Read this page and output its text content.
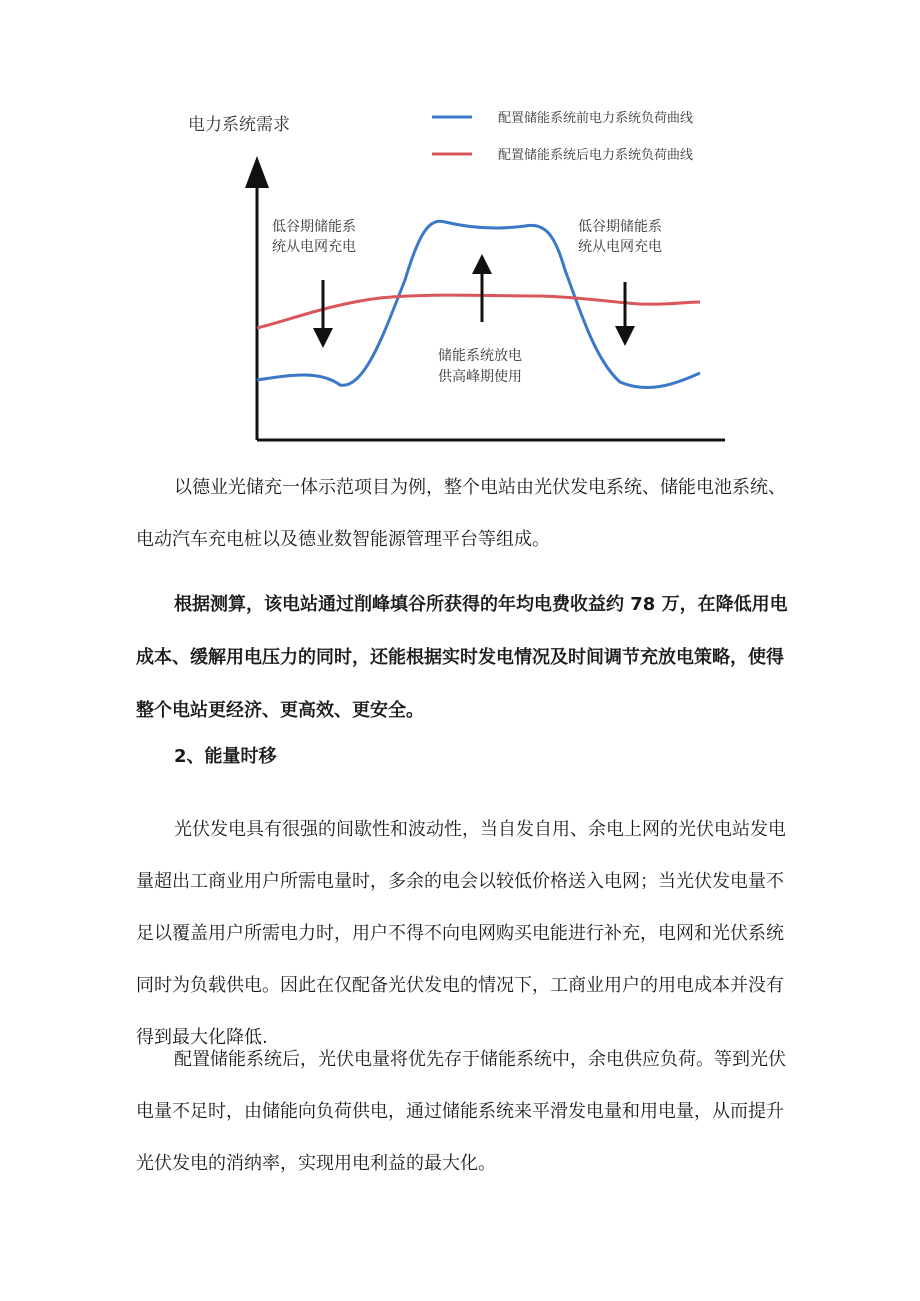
电力系统需求	配置储能系统前电力系统负荷曲线
配置储能系统后电力系统负荷曲线
低谷期储能系
统从电网充电
储能系统放电
供高峰期使用
低谷期储能系
统从电网充电

以德业光储充一体示范项目为例，整个电站由光伏发电系统、储能电池系统、电动汽车充电桩以及德业数智能源管理平台等组成。

根据测算，该电站通过削峰填谷所获得的年均电费收益约 78 万，在降低用电成本、缓解用电压力的同时，还能根据实时发电情况及时间调节充放电策略，使得整个电站更经济、更高效、更安全。

2、能量时移

光伏发电具有很强的间歇性和波动性，当自发自用、余电上网的光伏电站发电量超出工商业用户所需电量时，多余的电会以较低价格送入电网；当光伏发电量不足以覆盖用户所需电力时，用户不得不向电网购买电能进行补充，电网和光伏系统同时为负载供电。因此在仅配备光伏发电的情况下，工商业用户的用电成本并没有得到最大化降低.

配置储能系统后，光伏电量将优先存于储能系统中，余电供应负荷。等到光伏电量不足时，由储能向负荷供电，通过储能系统来平滑发电量和用电量，从而提升光伏发电的消纳率，实现用电利益的最大化。
